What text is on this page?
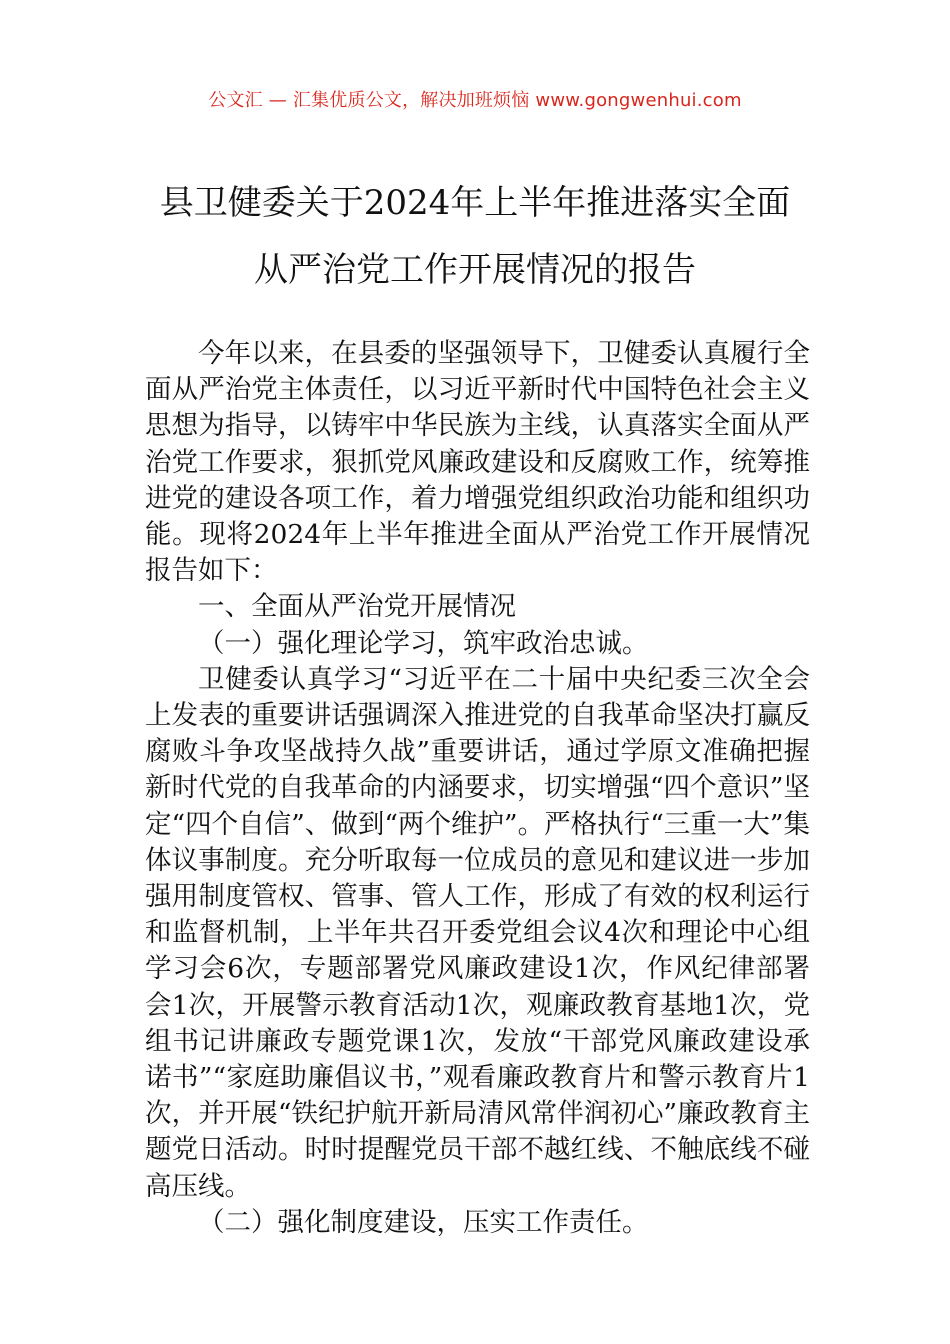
公文汇 — 汇集优质公文，解决加班烦恼 www.gongwenhui.com
县卫健委关于2024年上半年推进落实全面
从严治党工作开展情况的报告

今年以来，在县委的坚强领导下，卫健委认真履行全面从严治党主体责任，以习近平新时代中国特色社会主义思想为指导，以铸牢中华民族为主线，认真落实全面从严治党工作要求，狠抓党风廉政建设和反腐败工作，统筹推进党的建设各项工作，着力增强党组织政治功能和组织功能。现将2024年上半年推进全面从严治党工作开展情况报告如下：

一、全面从严治党开展情况

（一）强化理论学习，筑牢政治忠诚。

卫健委认真学习“习近平在二十届中央纪委三次全会上发表的重要讲话强调深入推进党的自我革命坚决打赢反腐败斗争攻坚战持久战”重要讲话，通过学原文准确把握新时代党的自我革命的内涵要求，切实增强“四个意识”坚定“四个自信”、做到“两个维护”。严格执行“三重一大”集体议事制度。充分听取每一位成员的意见和建议进一步加强用制度管权、管事、管人工作，形成了有效的权利运行和监督机制，上半年共召开委党组会议4次和理论中心组学习会6次，专题部署党风廉政建设1次，作风纪律部署会1次，开展警示教育活动1次，观廉政教育基地1次，党组书记讲廉政专题党课1次，发放“干部党风廉政建设承诺书”“家庭助廉倡议书，”观看廉政教育片和警示教育片1次，并开展“铁纪护航开新局清风常伴润初心”廉政教育主题党日活动。时时提醒党员干部不越红线、不触底线不碰高压线。

（二）强化制度建设，压实工作责任。
